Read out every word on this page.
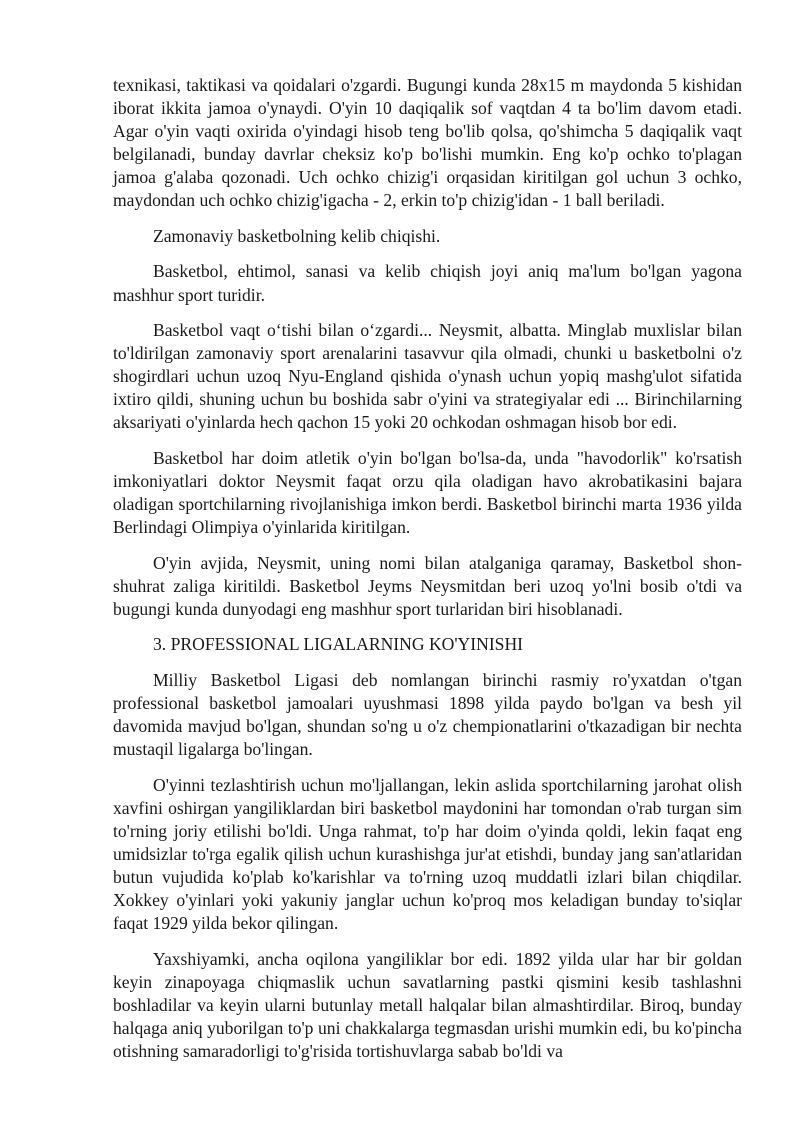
texnikasi, taktikasi va qoidalari o'zgardi. Bugungi kunda 28x15 m maydonda 5 kishidan iborat ikkita jamoa o'ynaydi. O'yin 10 daqiqalik sof vaqtdan 4 ta bo'lim davom etadi. Agar o'yin vaqti oxirida o'yindagi hisob teng bo'lib qolsa, qo'shimcha 5 daqiqalik vaqt belgilanadi, bunday davrlar cheksiz ko'p bo'lishi mumkin. Eng ko'p ochko to'plagan jamoa g'alaba qozonadi. Uch ochko chizig'i orqasidan kiritilgan gol uchun 3 ochko, maydondan uch ochko chizig'igacha - 2, erkin to'p chizig'idan - 1 ball beriladi.

Zamonaviy basketbolning kelib chiqishi.

Basketbol, ehtimol, sanasi va kelib chiqish joyi aniq ma'lum bo'lgan yagona mashhur sport turidir.

Basketbol vaqt o‘tishi bilan o‘zgardi... Neysmit, albatta. Minglab muxlislar bilan to'ldirilgan zamonaviy sport arenalarini tasavvur qila olmadi, chunki u basketbolni o'z shogirdlari uchun uzoq Nyu-England qishida o'ynash uchun yopiq mashg'ulot sifatida ixtiro qildi, shuning uchun bu boshida sabr o'yini va strategiyalar edi ... Birinchilarning aksariyati o'yinlarda hech qachon 15 yoki 20 ochkodan oshmagan hisob bor edi.

Basketbol har doim atletik o'yin bo'lgan bo'lsa-da, unda "havodorlik" ko'rsatish imkoniyatlari doktor Neysmit faqat orzu qila oladigan havo akrobatikasini bajara oladigan sportchilarning rivojlanishiga imkon berdi. Basketbol birinchi marta 1936 yilda Berlindagi Olimpiya o'yinlarida kiritilgan.

O'yin avjida, Neysmit, uning nomi bilan atalganiga qaramay, Basketbol shon-shuhrat zaliga kiritildi. Basketbol Jeyms Neysmitdan beri uzoq yo'lni bosib o'tdi va bugungi kunda dunyodagi eng mashhur sport turlaridan biri hisoblanadi.

3. PROFESSIONAL LIGALARNING KO'YINISHI

Milliy Basketbol Ligasi deb nomlangan birinchi rasmiy ro'yxatdan o'tgan professional basketbol jamoalari uyushmasi 1898 yilda paydo bo'lgan va besh yil davomida mavjud bo'lgan, shundan so'ng u o'z chempionatlarini o'tkazadigan bir nechta mustaqil ligalarga bo'lingan.

O'yinni tezlashtirish uchun mo'ljallangan, lekin aslida sportchilarning jarohat olish xavfini oshirgan yangiliklardan biri basketbol maydonini har tomondan o'rab turgan sim to'rning joriy etilishi bo'ldi. Unga rahmat, to'p har doim o'yinda qoldi, lekin faqat eng umidsizlar to'rga egalik qilish uchun kurashishga jur'at etishdi, bunday jang san'atlaridan butun vujudida ko'plab ko'karishlar va to'rning uzoq muddatli izlari bilan chiqdilar. Xokkey o'yinlari yoki yakuniy janglar uchun ko'proq mos keladigan bunday to'siqlar faqat 1929 yilda bekor qilingan.

Yaxshiyamki, ancha oqilona yangiliklar bor edi. 1892 yilda ular har bir goldan keyin zinapoyaga chiqmaslik uchun savatlarning pastki qismini kesib tashlashni boshladilar va keyin ularni butunlay metall halqalar bilan almashtirdilar. Biroq, bunday halqaga aniq yuborilgan to'p uni chakkalarga tegmasdan urishi mumkin edi, bu ko'pincha otishning samaradorligi to'g'risida tortishuvlarga sabab bo'ldi va
